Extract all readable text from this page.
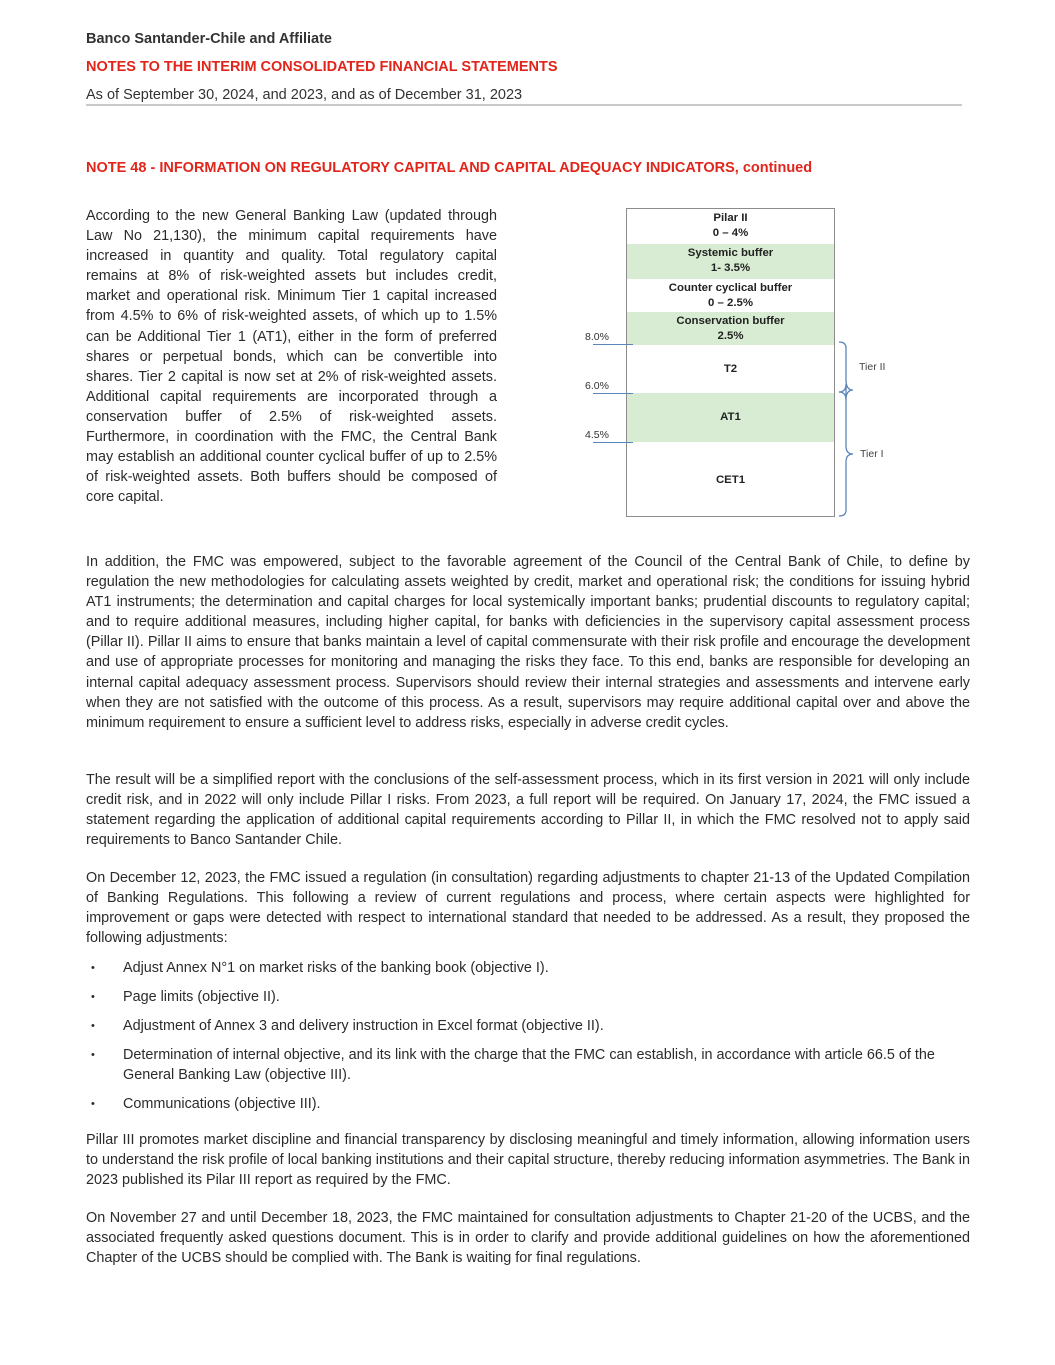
Banco Santander-Chile and Affiliate
NOTES TO THE INTERIM CONSOLIDATED FINANCIAL STATEMENTS
As of September 30, 2024, and 2023, and as of December 31, 2023
NOTE 48 - INFORMATION ON REGULATORY CAPITAL AND CAPITAL ADEQUACY INDICATORS, continued

According to the new General Banking Law (updated through Law No 21,130), the minimum capital requirements have increased in quantity and quality. Total regulatory capital remains at 8% of risk-weighted assets but includes credit, market and operational risk. Minimum Tier 1 capital increased from 4.5% to 6% of risk-weighted assets, of which up to 1.5% can be Additional Tier 1 (AT1), either in the form of preferred shares or perpetual bonds, which can be convertible into shares. Tier 2 capital is now set at 2% of risk-weighted assets. Additional capital requirements are incorporated through a conservation buffer of 2.5% of risk-weighted assets. Furthermore, in coordination with the FMC, the Central Bank may establish an additional counter cyclical buffer of up to 2.5% of risk-weighted assets. Both buffers should be composed of core capital.

Pilar II
0 – 4%
Systemic buffer
1- 3.5%
Counter cyclical buffer
0 – 2.5%
Conservation buffer
2.5%
T2
AT1
CET1
8.0%
6.0%
4.5%
Tier II
Tier I

In addition, the FMC was empowered, subject to the favorable agreement of the Council of the Central Bank of Chile, to define by regulation the new methodologies for calculating assets weighted by credit, market and operational risk; the conditions for issuing hybrid AT1 instruments; the determination and capital charges for local systemically important banks; prudential discounts to regulatory capital; and to require additional measures, including higher capital, for banks with deficiencies in the supervisory capital assessment process (Pillar II). Pillar II aims to ensure that banks maintain a level of capital commensurate with their risk profile and encourage the development and use of appropriate processes for monitoring and managing the risks they face. To this end, banks are responsible for developing an internal capital adequacy assessment process. Supervisors should review their internal strategies and assessments and intervene early when they are not satisfied with the outcome of this process. As a result, supervisors may require additional capital over and above the minimum requirement to ensure a sufficient level to address risks, especially in adverse credit cycles.

The result will be a simplified report with the conclusions of the self-assessment process, which in its first version in 2021 will only include credit risk, and in 2022 will only include Pillar I risks. From 2023, a full report will be required. On January 17, 2024, the FMC issued a statement regarding the application of additional capital requirements according to Pillar II, in which the FMC resolved not to apply said requirements to Banco Santander Chile.

On December 12, 2023, the FMC issued a regulation (in consultation) regarding adjustments to chapter 21-13 of the Updated Compilation of Banking Regulations. This following a review of current regulations and process, where certain aspects were highlighted for improvement or gaps were detected with respect to international standard that needed to be addressed. As a result, they proposed the following adjustments:

• Adjust Annex N°1 on market risks of the banking book (objective I).
• Page limits (objective II).
• Adjustment of Annex 3 and delivery instruction in Excel format (objective II).
• Determination of internal objective, and its link with the charge that the FMC can establish, in accordance with article 66.5 of the General Banking Law (objective III).
• Communications (objective III).

Pillar III promotes market discipline and financial transparency by disclosing meaningful and timely information, allowing information users to understand the risk profile of local banking institutions and their capital structure, thereby reducing information asymmetries. The Bank in 2023 published its Pilar III report as required by the FMC.

On November 27 and until December 18, 2023, the FMC maintained for consultation adjustments to Chapter 21-20 of the UCBS, and the associated frequently asked questions document. This is in order to clarify and provide additional guidelines on how the aforementioned Chapter of the UCBS should be complied with. The Bank is waiting for final regulations.
